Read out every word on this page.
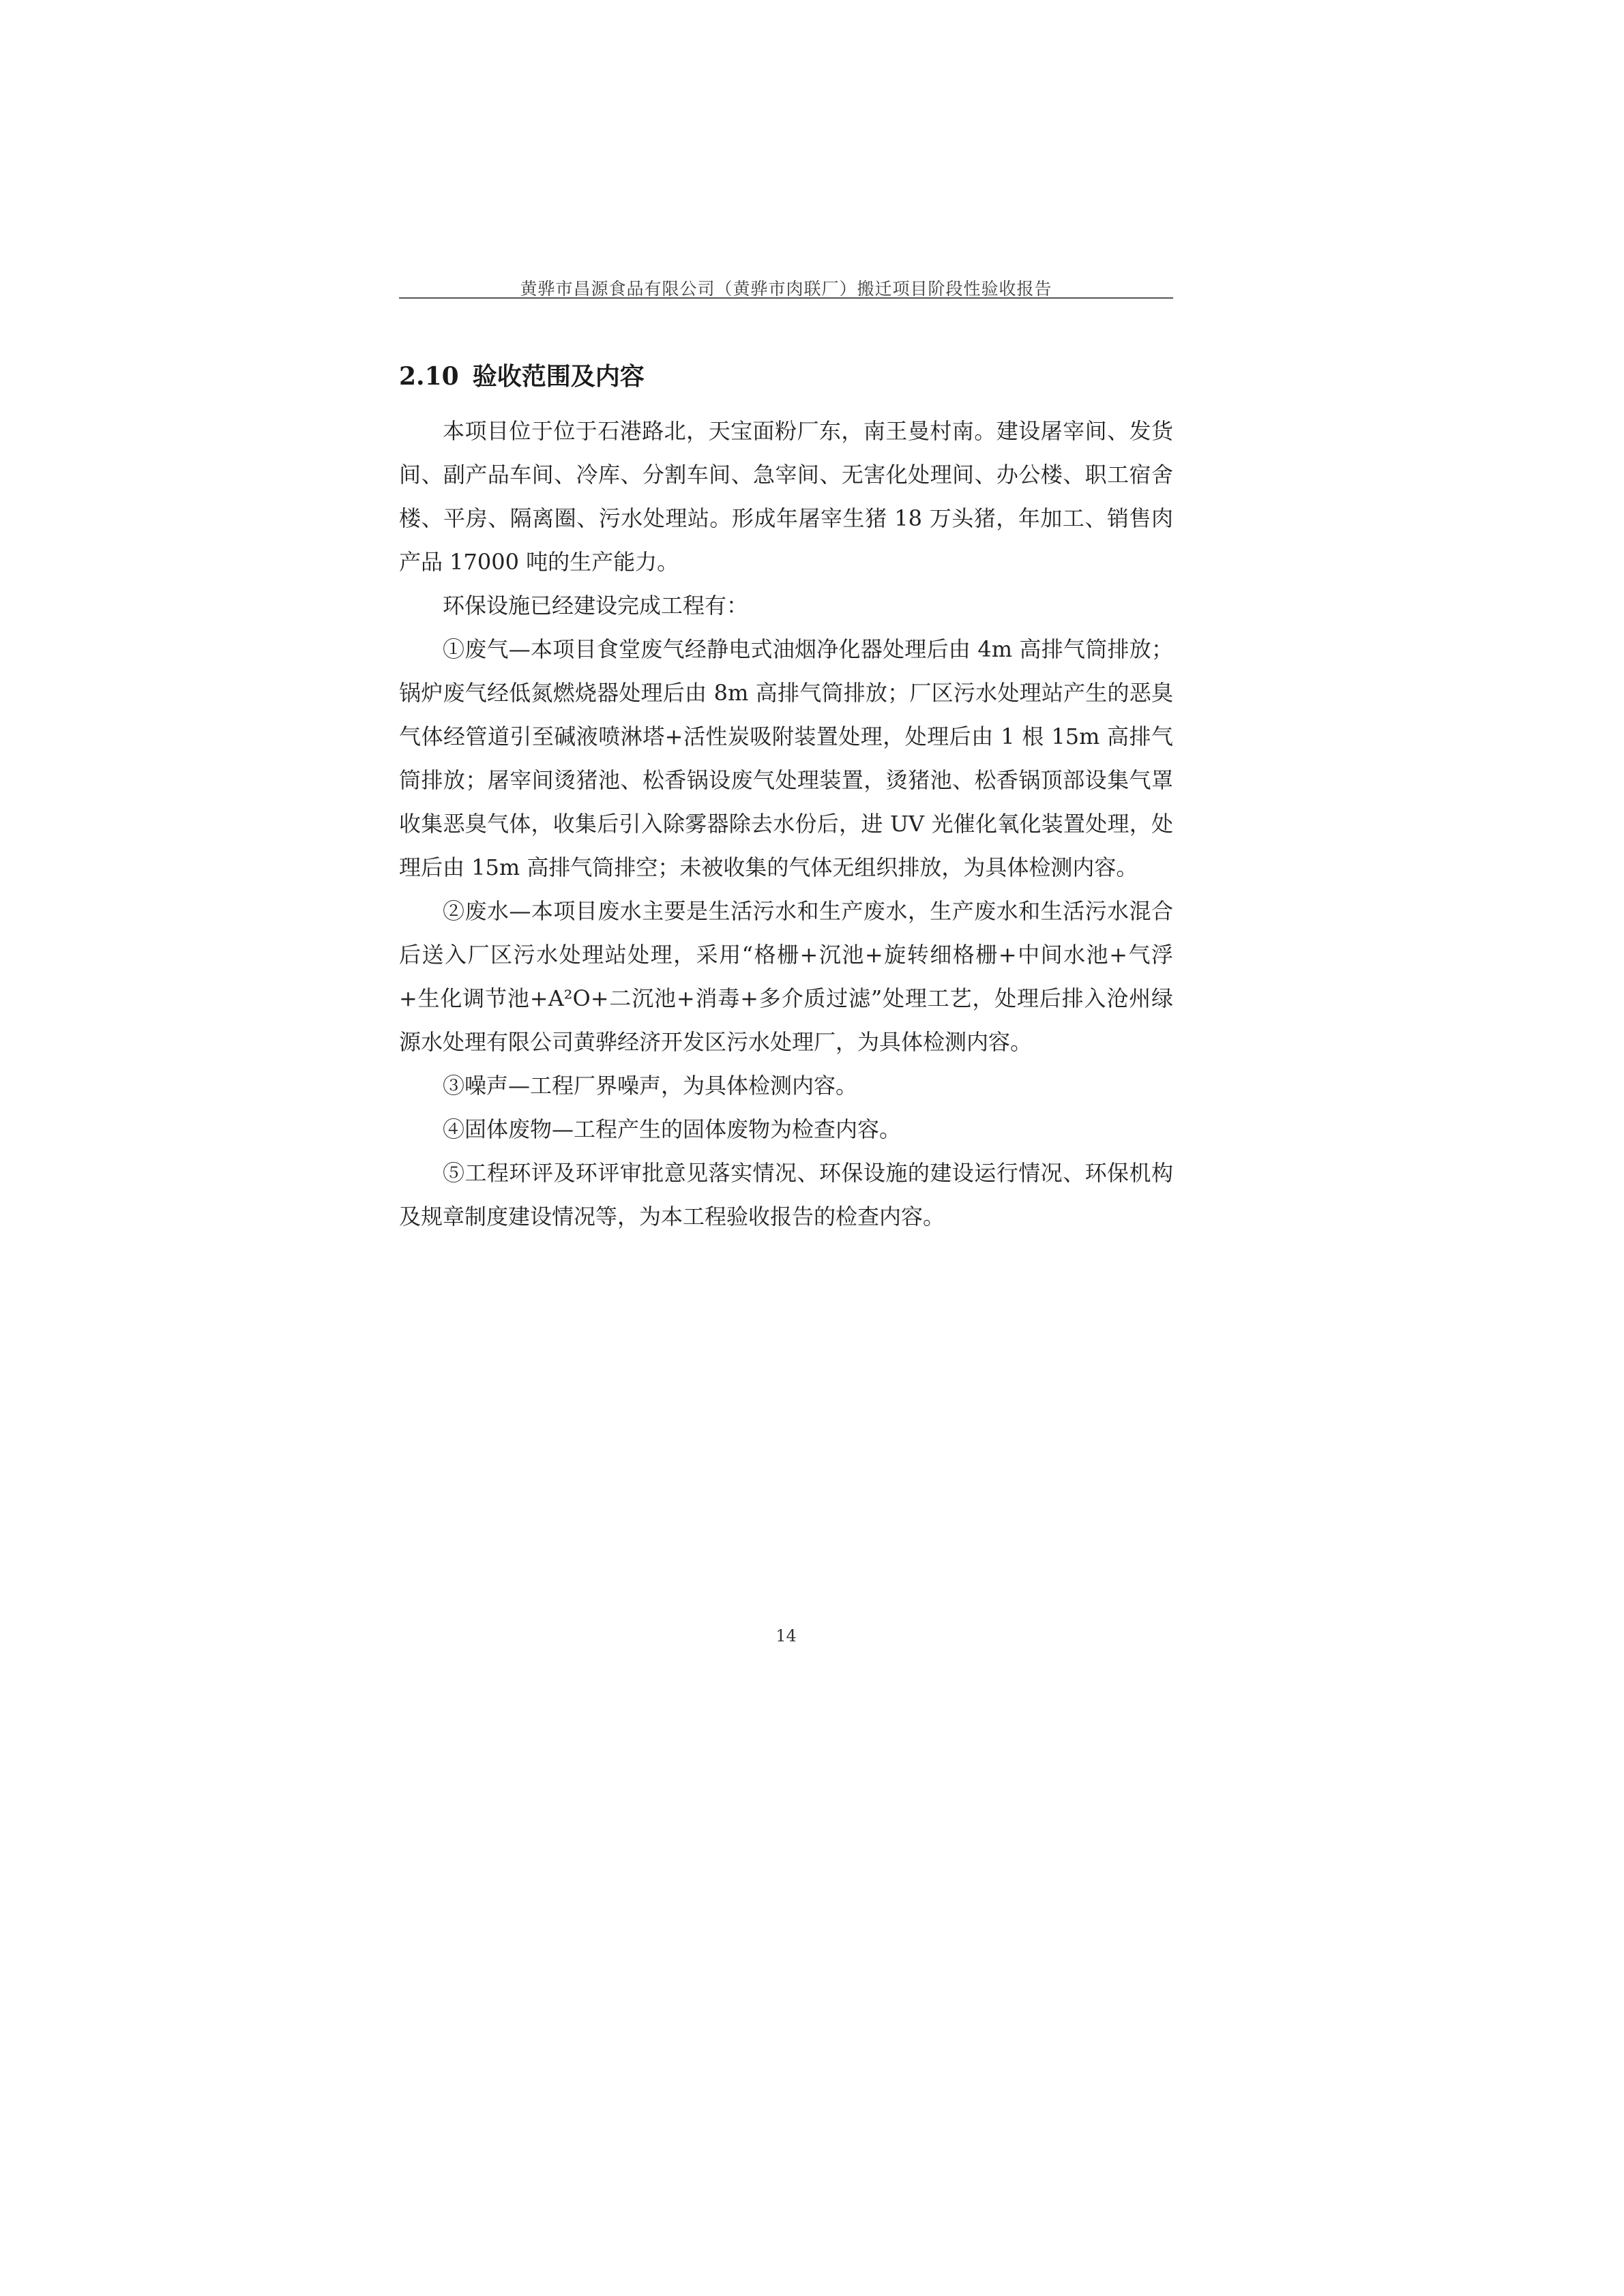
黄骅市昌源食品有限公司（黄骅市肉联厂）搬迁项目阶段性验收报告
2.10 验收范围及内容

本项目位于位于石港路北，天宝面粉厂东，南王曼村南。建设屠宰间、发货间、副产品车间、冷库、分割车间、急宰间、无害化处理间、办公楼、职工宿舍楼、平房、隔离圈、污水处理站。形成年屠宰生猪 18 万头猪，年加工、销售肉产品 17000 吨的生产能力。

环保设施已经建设完成工程有：

①废气—本项目食堂废气经静电式油烟净化器处理后由 4m 高排气筒排放；锅炉废气经低氮燃烧器处理后由 8m 高排气筒排放；厂区污水处理站产生的恶臭气体经管道引至碱液喷淋塔+活性炭吸附装置处理，处理后由 1 根 15m 高排气筒排放；屠宰间烫猪池、松香锅设废气处理装置，烫猪池、松香锅顶部设集气罩收集恶臭气体，收集后引入除雾器除去水份后，进 UV 光催化氧化装置处理，处理后由 15m 高排气筒排空；未被收集的气体无组织排放，为具体检测内容。

②废水—本项目废水主要是生活污水和生产废水，生产废水和生活污水混合后送入厂区污水处理站处理，采用“格栅+沉池+旋转细格栅+中间水池+气浮+生化调节池+A²O+二沉池+消毒+多介质过滤”处理工艺，处理后排入沧州绿源水处理有限公司黄骅经济开发区污水处理厂，为具体检测内容。

③噪声—工程厂界噪声，为具体检测内容。

④固体废物—工程产生的固体废物为检查内容。

⑤工程环评及环评审批意见落实情况、环保设施的建设运行情况、环保机构及规章制度建设情况等，为本工程验收报告的检查内容。

14
